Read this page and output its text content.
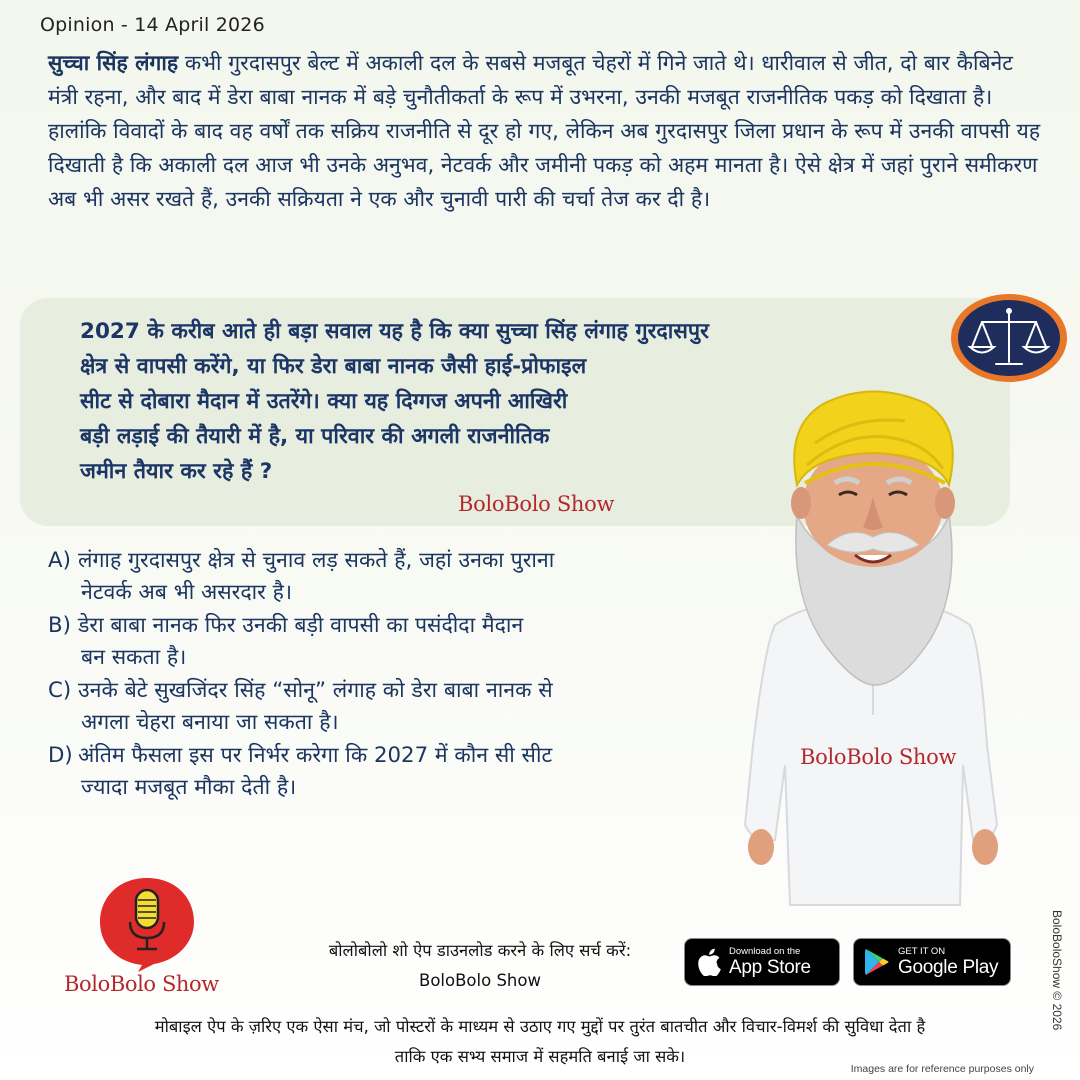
Opinion - 14 April 2026
सुच्चा सिंह लंगाह कभी गुरदासपुर बेल्ट में अकाली दल के सबसे मजबूत चेहरों में गिने जाते थे। धारीवाल से जीत, दो बार कैबिनेट मंत्री रहना, और बाद में डेरा बाबा नानक में बड़े चुनौतीकर्ता के रूप में उभरना, उनकी मजबूत राजनीतिक पकड़ को दिखाता है। हालांकि विवादों के बाद वह वर्षों तक सक्रिय राजनीति से दूर हो गए, लेकिन अब गुरदासपुर जिला प्रधान के रूप में उनकी वापसी यह दिखाती है कि अकाली दल आज भी उनके अनुभव, नेटवर्क और जमीनी पकड़ को अहम मानता है। ऐसे क्षेत्र में जहां पुराने समीकरण अब भी असर रखते हैं, उनकी सक्रियता ने एक और चुनावी पारी की चर्चा तेज कर दी है।
2027 के करीब आते ही बड़ा सवाल यह है कि क्या सुच्चा सिंह लंगाह गुरदासपुर
क्षेत्र से वापसी करेंगे, या फिर डेरा बाबा नानक जैसी हाई-प्रोफाइल
सीट से दोबारा मैदान में उतरेंगे। क्या यह दिग्गज अपनी आखिरी
बड़ी लड़ाई की तैयारी में है, या परिवार की अगली राजनीतिक
जमीन तैयार कर रहे हैं ?
BoloBolo Show
BoloBolo Show
A) लंगाह गुरदासपुर क्षेत्र से चुनाव लड़ सकते हैं, जहां उनका पुराना
नेटवर्क अब भी असरदार है।
B) डेरा बाबा नानक फिर उनकी बड़ी वापसी का पसंदीदा मैदान
बन सकता है।
C) उनके बेटे सुखजिंदर सिंह “सोनू” लंगाह को डेरा बाबा नानक से
अगला चेहरा बनाया जा सकता है।
D) अंतिम फैसला इस पर निर्भर करेगा कि 2027 में कौन सी सीट
ज्यादा मजबूत मौका देती है।
BoloBolo Show
बोलोबोलो शो ऐप डाउनलोड करने के लिए सर्च करें:
BoloBolo Show
Download on the
App Store
GET IT ON
Google Play
मोबाइल ऐप के ज़रिए एक ऐसा मंच, जो पोस्टरों के माध्यम से उठाए गए मुद्दों पर तुरंत बातचीत और विचार-विमर्श की सुविधा देता है
ताकि एक सभ्य समाज में सहमति बनाई जा सके।
Images are for reference purposes only
BoloBoloShow © 2026
